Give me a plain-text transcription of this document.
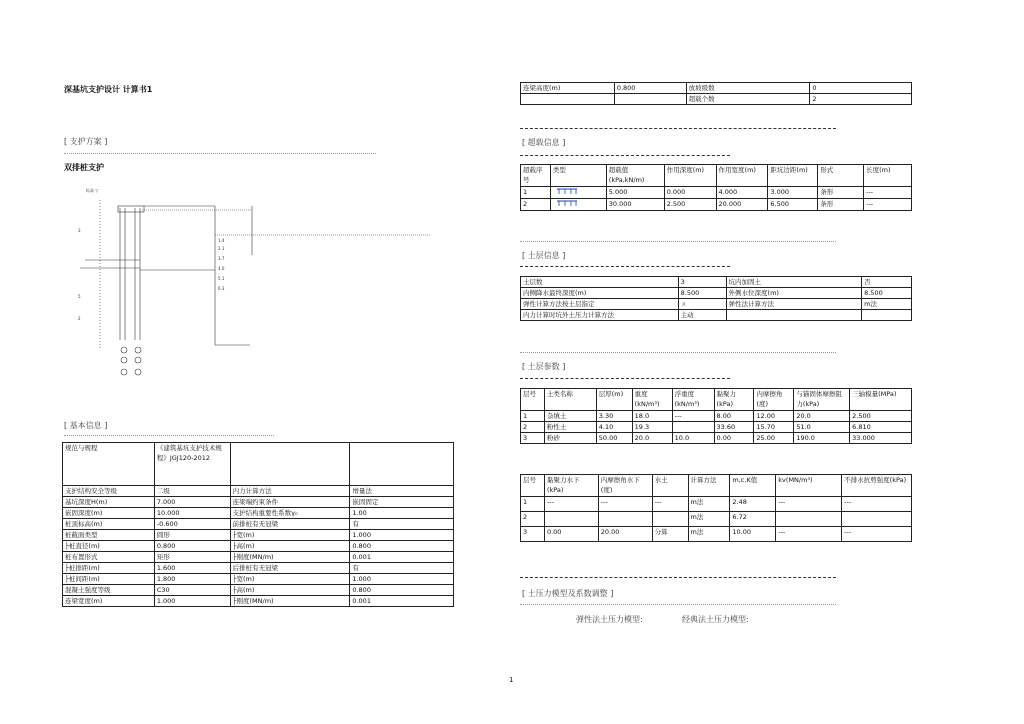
深基坑支护设计 计算书1
[ 支护方案 ]
双排桩支护
标高 ▽
1.4
2.1
3.7
4.0
5.1
6.3
3
5
2
[ 基本信息 ]
规范与规程	《建筑基坑支护技术规程》JGJ120-2012		
支护结构安全等级	二级	内力计算方法	增量法
基坑深度H(m)	7.000	连梁端约束条件	嵌固固定
嵌固深度(m)	10.000	支护结构重要性系数γ₀	1.00
桩顶标高(m)	-0.600	前排桩有无冠梁	有
桩截面类型	圆形	├宽(m)	1.000
├桩直径(m)	0.800	├高(m)	0.800
桩布置形式	矩形	├刚度(MN/m)	0.001
├桩排距(m)	1.600	后排桩有无冠梁	有
├桩间距(m)	1.800	├宽(m)	1.000
混凝土强度等级	C30	├高(m)	0.800
连梁宽度(m)	1.000	├刚度(MN/m)	0.001
连梁高度(m)	0.800	放坡级数	0
		超载个数	2
[ 超载信息 ]
超载序号	类型	超载值(kPa,kN/m)	作用深度(m)	作用宽度(m)	距坑边距(m)	形式	长度(m)
1		5.000	0.000	4.000	3.000	条形	---
2		30.000	2.500	20.000	6.500	条形	---
[ 土层信息 ]
土层数	3	坑内加固土	否
内侧降水最终深度(m)	8.500	外侧水位深度(m)	8.500
弹性计算方法按土层指定	ㄨ	弹性法计算方法	m法
内力计算时坑外土压力计算方法	主动		
[ 土层参数 ]
层号	土类名称	层厚(m)	重度(kN/m³)	浮重度(kN/m³)	黏聚力(kPa)	内摩擦角(度)	与锚固体摩擦阻力(kPa)	三轴模量(MPa)
1	杂填土	3.30	18.0	---	8.00	12.00	20.0	2.500
2	粉性土	4.10	19.3		33.60	15.70	51.0	6.810
3	粉砂	50.00	20.0	10.0	0.00	25.00	190.0	33.000
层号	黏聚力水下(kPa)	内摩擦角水下(度)	水土	计算方法	m,c,K值	kv(MN/m³)	不排水抗剪强度(kPa)
1	---	---	---	m法	2.48	---	---
2				m法	6.72		
3	0.00	20.00	分算	m法	10.00	---	---
[ 土压力模型及系数调整 ]
弹性法土压力模型:	经典法土压力模型:
1
